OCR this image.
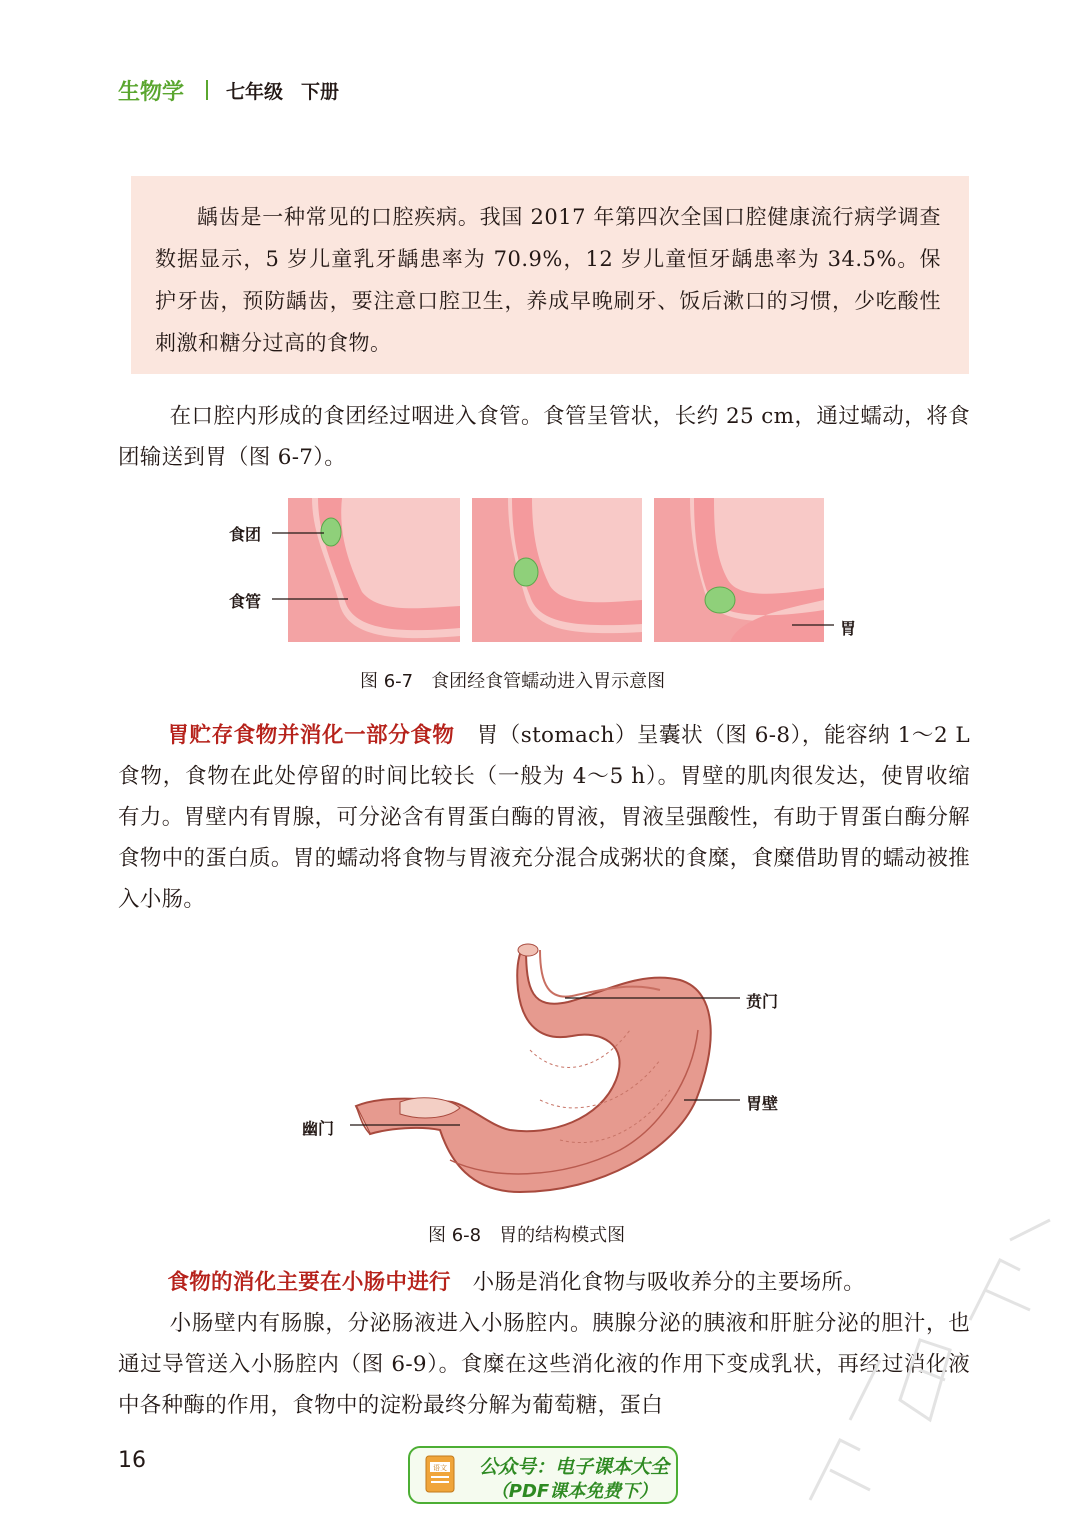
生物学 七年级 下册

龋齿是一种常见的口腔疾病。我国 2017 年第四次全国口腔健康流行病学调查数据显示，5 岁儿童乳牙龋患率为 70.9%，12 岁儿童恒牙龋患率为 34.5%。保护牙齿，预防龋齿，要注意口腔卫生，养成早晚刷牙、饭后漱口的习惯，少吃酸性刺激和糖分过高的食物。

在口腔内形成的食团经过咽进入食管。食管呈管状，长约 25 cm，通过蠕动，将食团输送到胃（图 6-7）。

食团
食管
胃
图 6-7　食团经食管蠕动进入胃示意图

胃贮存食物并消化一部分食物　 胃（stomach）呈囊状（图 6-8），能容纳 1～2 L 食物，食物在此处停留的时间比较长（一般为 4～5 h）。胃壁的肌肉很发达，使胃收缩有力。胃壁内有胃腺，可分泌含有胃蛋白酶的胃液，胃液呈强酸性，有助于胃蛋白酶分解食物中的蛋白质。胃的蠕动将食物与胃液充分混合成粥状的食糜，食糜借助胃的蠕动被推入小肠。

贲门
胃壁
幽门
图 6-8　胃的结构模式图

食物的消化主要在小肠中进行　 小肠是消化食物与吸收养分的主要场所。

小肠壁内有肠腺，分泌肠液进入小肠腔内。胰腺分泌的胰液和肝脏分泌的胆汁，也通过导管送入小肠腔内（图 6-9）。食糜在这些消化液的作用下变成乳状，再经过消化液中各种酶的作用，食物中的淀粉最终分解为葡萄糖，蛋白

16	语文 公众号：电子课本大全
（PDF课本免费下）
